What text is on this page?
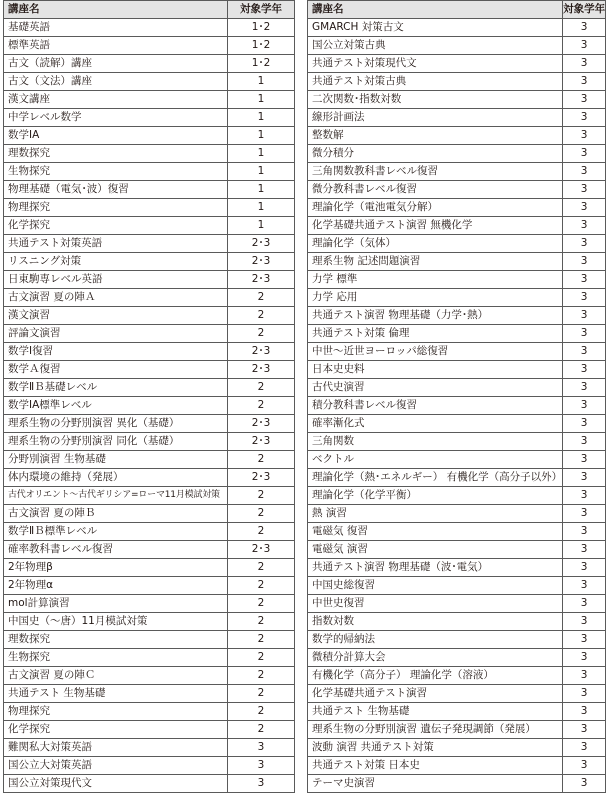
講座名	対象学年
基礎英語	1･2
標準英語	1･2
古文（読解）講座	1･2
古文（文法）講座	1
漢文講座	1
中学レベル数学	1
数学ⅠA	1
理数探究	1
生物探究	1
物理基礎（電気･波）復習	1
物理探究	1
化学探究	1
共通テスト対策英語	2･3
リスニング対策	2･3
日東駒専レベル英語	2･3
古文演習 夏の陣Ａ	2
漢文演習	2
評論文演習	2
数学Ⅰ復習	2･3
数学Ａ復習	2･3
数学ⅡＢ基礎レベル	2
数学ⅠA標準レベル	2
理系生物の分野別演習 異化（基礎）	2･3
理系生物の分野別演習 同化（基礎）	2･3
分野別演習 生物基礎	2
体内環境の維持（発展）	2･3
古代オリエント～古代ギリシア=ローマ11月模試対策	2
古文演習 夏の陣Ｂ	2
数学ⅡＢ標準レベル	2
確率教科書レベル復習	2･3
2年物理β	2
2年物理α	2
mol計算演習	2
中国史（～唐）11月模試対策	2
理数探究	2
生物探究	2
古文演習 夏の陣Ｃ	2
共通テスト 生物基礎	2
物理探究	2
化学探究	2
難関私大対策英語	3
国公立大対策英語	3
国公立対策現代文	3
講座名	対象学年
GMARCH 対策古文	3
国公立対策古典	3
共通テスト対策現代文	3
共通テスト対策古典	3
二次関数･指数対数	3
線形計画法	3
整数解	3
微分積分	3
三角関数教科書レベル復習	3
微分教科書レベル復習	3
理論化学（電池電気分解）	3
化学基礎共通テスト演習 無機化学	3
理論化学（気体）	3
理系生物 記述問題演習	3
力学 標準	3
力学 応用	3
共通テスト演習 物理基礎（力学･熱）	3
共通テスト対策 倫理	3
中世～近世ヨーロッパ総復習	3
日本史史料	3
古代史演習	3
積分教科書レベル復習	3
確率漸化式	3
三角関数	3
ベクトル	3
理論化学（熱･エネルギー） 有機化学（高分子以外）	3
理論化学（化学平衡）	3
熱 演習	3
電磁気 復習	3
電磁気 演習	3
共通テスト演習 物理基礎（波･電気）	3
中国史総復習	3
中世史復習	3
指数対数	3
数学的帰納法	3
微積分計算大会	3
有機化学（高分子） 理論化学（溶液）	3
化学基礎共通テスト演習	3
共通テスト 生物基礎	3
理系生物の分野別演習 遺伝子発現調節（発展）	3
波動 演習 共通テスト対策	3
共通テスト対策 日本史	3
テーマ史演習	3
